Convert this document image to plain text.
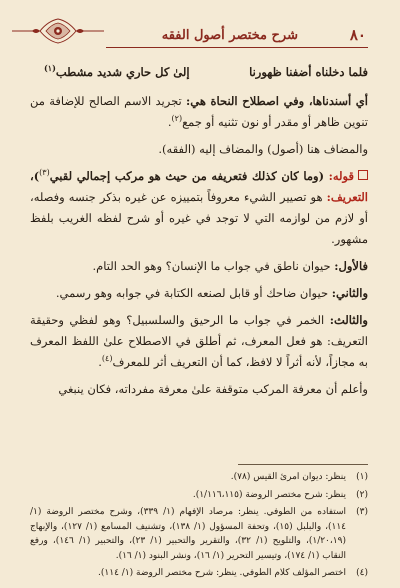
شرح مختصر أصول الفقه	٨٠
فلما دخلناه أضفنا ظهورنا
إلىٰ كل حاري شديد مشطب$^{(١)}$

أي أسندناها، وفي اصطلاح النحاة هي: تجريد الاسم الصالح للإضافة من تنوين ظاهر أو مقدر أو نون تثنيه أو جمع$^{(٢)}$.

والمضاف هنا (أصول) والمضاف إليه (الفقه).

قوله: (وما كان كذلك فتعريفه من حيث هو مركب إجمالي لقبي$^{(٣)}$)، التعريف: هو تصيير الشيء معروفاً بتمييزه عن غيره بذكر جنسه وفصله، أو لازم من لوازمه التي لا توجد في غيره أو شرح لفظه الغريب بلفظ مشهور.

فالأول: حيوان ناطق في جواب ما الإنسان؟ وهو الحد التام.

والثاني: حيوان ضاحك أو قابل لصنعه الكتابة في جوابه وهو رسمي.

والثالث: الخمر في جواب ما الرحيق والسلسبيل؟ وهو لفظي وحقيقة التعريف: هو فعل المعرف، ثم أطلق في الاصطلاح علىٰ اللفظ المعرف به مجازاً، لأنه أثراً لا لافظ، كما أن التعريف أثر للمعرف$^{(٤)}$.

وأعلم أن معرفة المركب متوقفة علىٰ معرفة مفرداته، فكان ينبغي

(١)
ينظر: ديوان امرئ القيس (٧٨).
(٢)
ينظر: شرح مختصر الروضة (١/١١٦،١١٥).
(٣)
استفاده من الطوفي. ينظر: مرصاد الإفهام (١/ ٣٣٩)، وشرح مختصر الروضة (١/ ١١٤)، والبلبل (١٥)، وتحفة المسؤول (١/ ١٣٨)، وتشنيف المسامع (١/ ١٢٧)، والإبهاج (١/٢٠،١٩)، والتلويح (١/ ٣٢)، والتقرير والتحبير (١/ ٢٣)، والتحبير (١/ ١٤٦)، ورفع النقاب (١/ ١٧٤)، وتيسير التحرير (١/ ١٦)، ونشر البنود (١/ ١٦).
(٤)
اختصر المؤلف كلام الطوفي. ينظر: شرح مختصر الروضة (١/ ١١٤).
